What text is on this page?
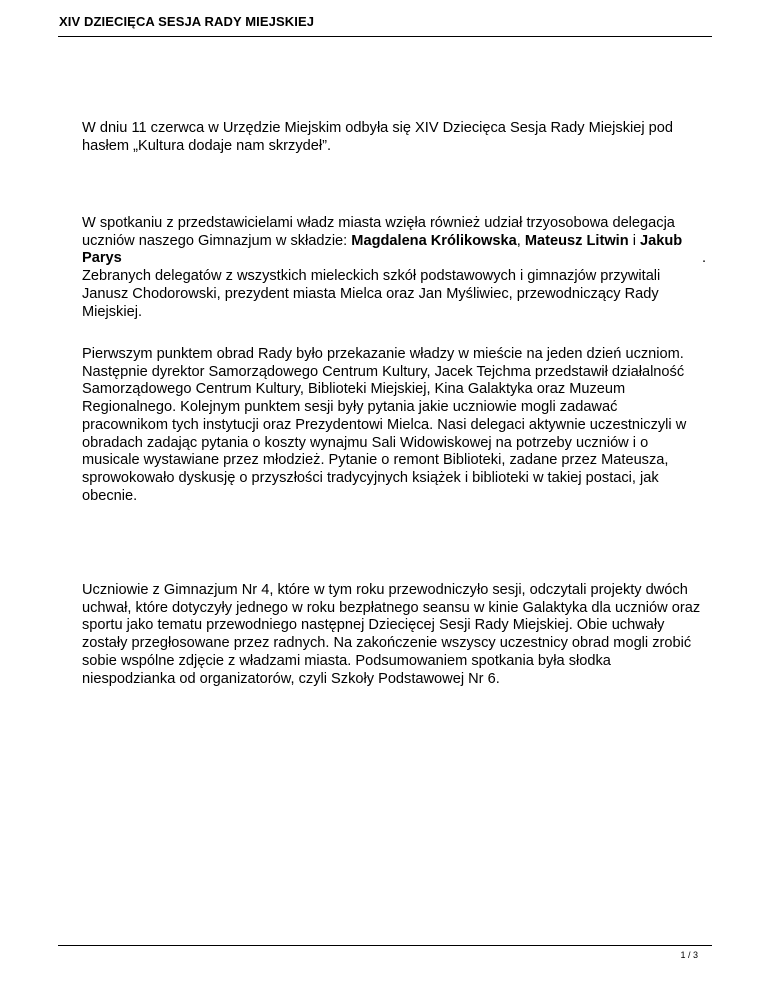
XIV DZIECIĘCA SESJA RADY MIEJSKIEJ

W dniu 11 czerwca w Urzędzie Miejskim odbyła się XIV Dziecięca Sesja Rady Miejskiej pod
hasłem „Kultura dodaje nam skrzydeł”.

W spotkaniu z przedstawicielami władz miasta wzięła również udział trzyosobowa delegacja
uczniów naszego Gimnazjum w składzie: Magdalena Królikowska, Mateusz Litwin i Jakub
Parys	.
Zebranych delegatów z wszystkich mieleckich szkół podstawowych i gimnazjów przywitali
Janusz Chodorowski, prezydent miasta Mielca oraz Jan Myśliwiec, przewodniczący Rady
Miejskiej.

Pierwszym punktem obrad Rady było przekazanie władzy w mieście na jeden dzień uczniom.
Następnie dyrektor Samorządowego Centrum Kultury, Jacek Tejchma przedstawił działalność
Samorządowego Centrum Kultury, Biblioteki Miejskiej, Kina Galaktyka oraz Muzeum
Regionalnego. Kolejnym punktem sesji były pytania jakie uczniowie mogli zadawać
pracownikom tych instytucji oraz Prezydentowi Mielca. Nasi delegaci aktywnie uczestniczyli w
obradach zadając pytania o koszty wynajmu Sali Widowiskowej na potrzeby uczniów i o
musicale wystawiane przez młodzież. Pytanie o remont Biblioteki, zadane przez Mateusza,
sprowokowało dyskusję o przyszłości tradycyjnych książek i biblioteki w takiej postaci, jak
obecnie.

Uczniowie z Gimnazjum Nr 4, które w tym roku przewodniczyło sesji, odczytali projekty dwóch
uchwał, które dotyczyły jednego w roku bezpłatnego seansu w kinie Galaktyka dla uczniów oraz
sportu jako tematu przewodniego następnej Dziecięcej Sesji Rady Miejskiej. Obie uchwały
zostały przegłosowane przez radnych. Na zakończenie wszyscy uczestnicy obrad mogli zrobić
sobie wspólne zdjęcie z władzami miasta. Podsumowaniem spotkania była słodka
niespodzianka od organizatorów, czyli Szkoły Podstawowej Nr 6.

1 / 3
